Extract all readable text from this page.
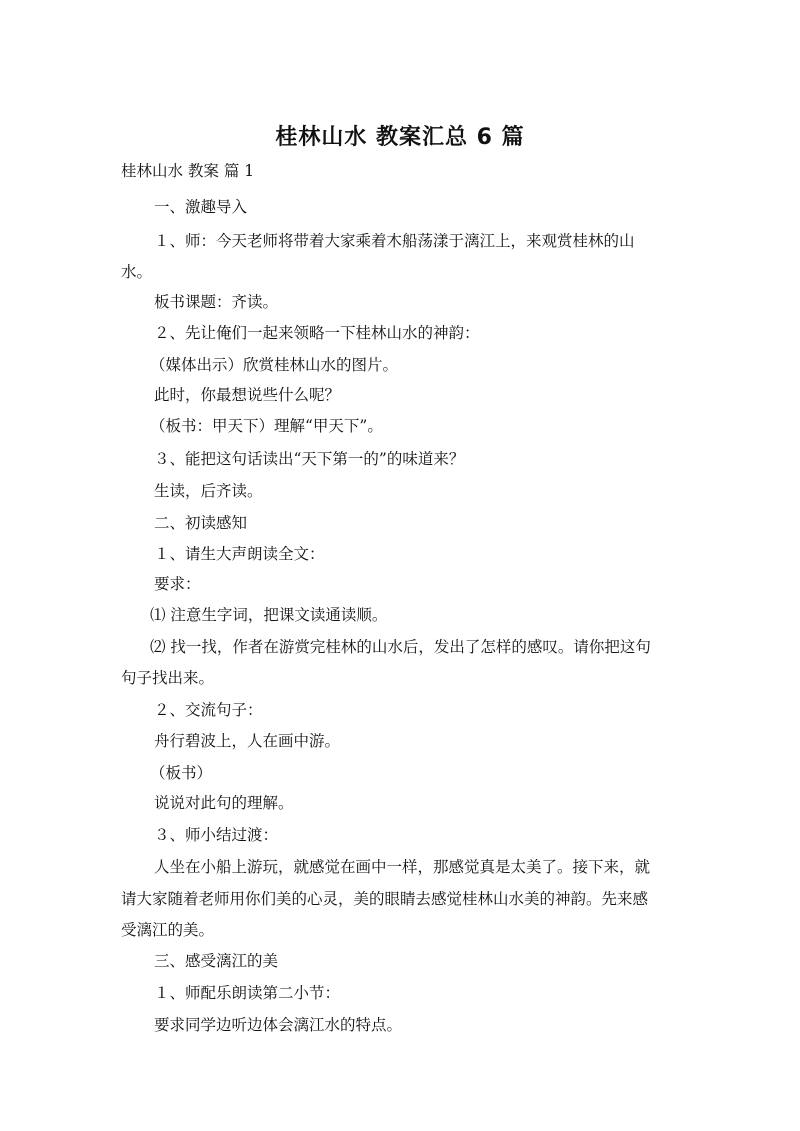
桂林山水 教案汇总 6 篇
桂林山水 教案 篇 1
一、激趣导入
１、师：今天老师将带着大家乘着木船荡漾于漓江上，来观赏桂林的山
水。
板书课题：齐读。
２、先让俺们一起来领略一下桂林山水的神韵：
（媒体出示）欣赏桂林山水的图片。
此时，你最想说些什么呢？
（板书：甲天下）理解“甲天下”。
３、能把这句话读出“天下第一的”的味道来？
生读，后齐读。
二、初读感知
１、请生大声朗读全文：
要求：
⑴ 注意生字词，把课文读通读顺。
⑵ 找一找，作者在游赏完桂林的山水后，发出了怎样的感叹。请你把这句
句子找出来。
２、交流句子：
舟行碧波上，人在画中游。
（板书）
说说对此句的理解。
３、师小结过渡：
人坐在小船上游玩，就感觉在画中一样，那感觉真是太美了。接下来，就
请大家随着老师用你们美的心灵，美的眼睛去感觉桂林山水美的神韵。先来感
受漓江的美。
三、感受漓江的美
１、师配乐朗读第二小节：
要求同学边听边体会漓江水的特点。
